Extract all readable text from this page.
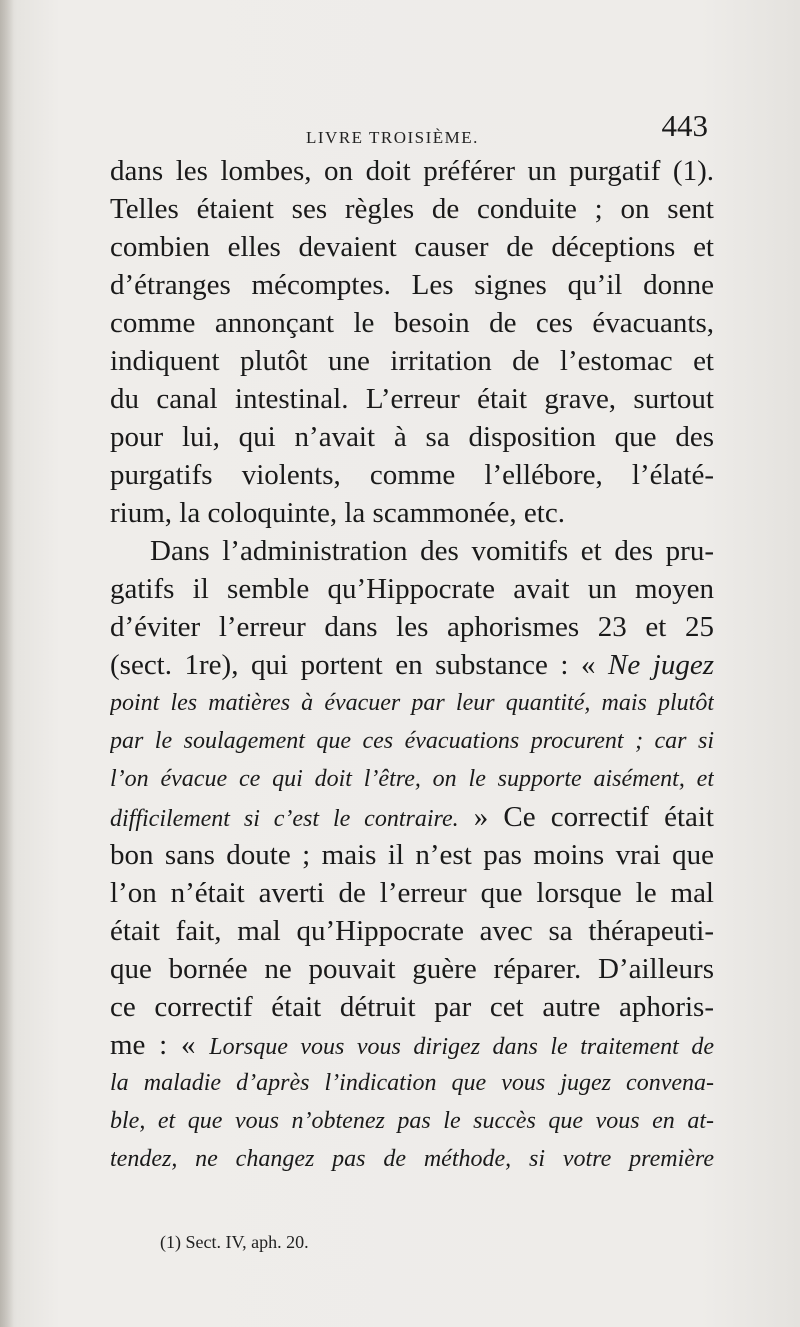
LIVRE TROISIÈME.	443
dans les lombes, on doit préférer un purgatif (1).
Telles étaient ses règles de conduite ; on sent
combien elles devaient causer de déceptions et
d’étranges mécomptes. Les signes qu’il donne
comme annonçant le besoin de ces évacuants,
indiquent plutôt une irritation de l’estomac et
du canal intestinal. L’erreur était grave, surtout
pour lui, qui n’avait à sa disposition que des
purgatifs violents, comme l’ellébore, l’élaté-
rium, la coloquinte, la scammonée, etc.
Dans l’administration des vomitifs et des pru-
gatifs il semble qu’Hippocrate avait un moyen
d’éviter l’erreur dans les aphorismes 23 et 25
(sect. 1re), qui portent en substance : « Ne jugez
point les matières à évacuer par leur quantité, mais plutôt
par le soulagement que ces évacuations procurent ; car si
l’on évacue ce qui doit l’être, on le supporte aisément, et
difficilement si c’est le contraire. » Ce correctif était
bon sans doute ; mais il n’est pas moins vrai que
l’on n’était averti de l’erreur que lorsque le mal
était fait, mal qu’Hippocrate avec sa thérapeuti-
que bornée ne pouvait guère réparer. D’ailleurs
ce correctif était détruit par cet autre aphoris-
me : « Lorsque vous vous dirigez dans le traitement de
la maladie d’après l’indication que vous jugez convena-
ble, et que vous n’obtenez pas le succès que vous en at-
tendez, ne changez pas de méthode, si votre première
(1) Sect. IV, aph. 20.
